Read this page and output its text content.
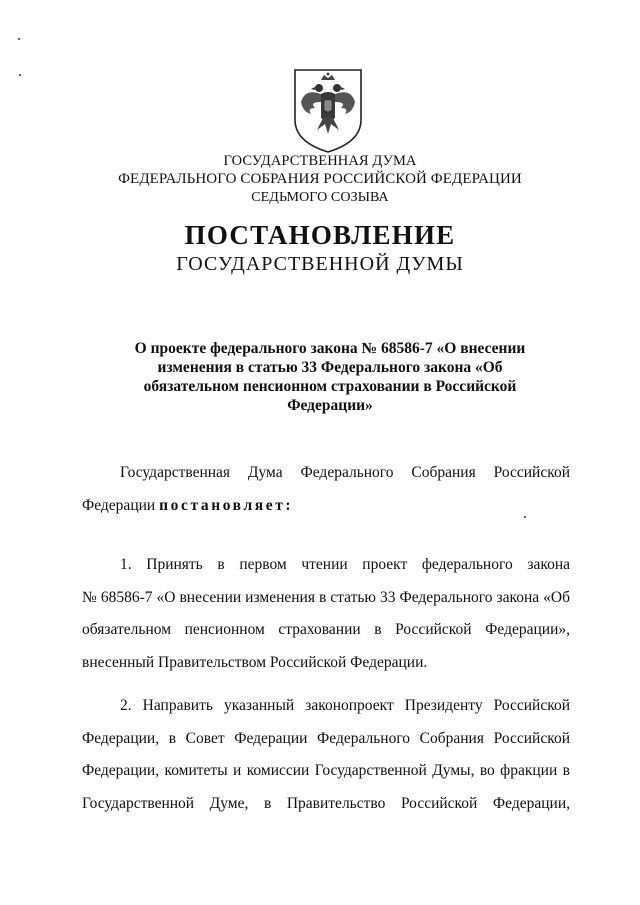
ГОСУДАРСТВЕННАЯ ДУМА
ФЕДЕРАЛЬНОГО СОБРАНИЯ РОССИЙСКОЙ ФЕДЕРАЦИИ
СЕДЬМОГО СОЗЫВА
ПОСТАНОВЛЕНИЕ
ГОСУДАРСТВЕННОЙ ДУМЫ
О проекте федерального закона № 68586-7 «О внесении изменения в статью 33 Федерального закона «Об обязательном пенсионном страховании в Российской Федерации»
Государственная Дума Федерального Собрания Российской
Федерации постановляет:
1. Принять в первом чтении проект федерального закона
№ 68586-7 «О внесении изменения в статью 33 Федерального закона «Об
обязательном пенсионном страховании в Российской Федерации»,
внесенный Правительством Российской Федерации.
2. Направить указанный законопроект Президенту Российской
Федерации, в Совет Федерации Федерального Собрания Российской
Федерации, комитеты и комиссии Государственной Думы, во фракции в
Государственной Думе, в Правительство Российской Федерации,
